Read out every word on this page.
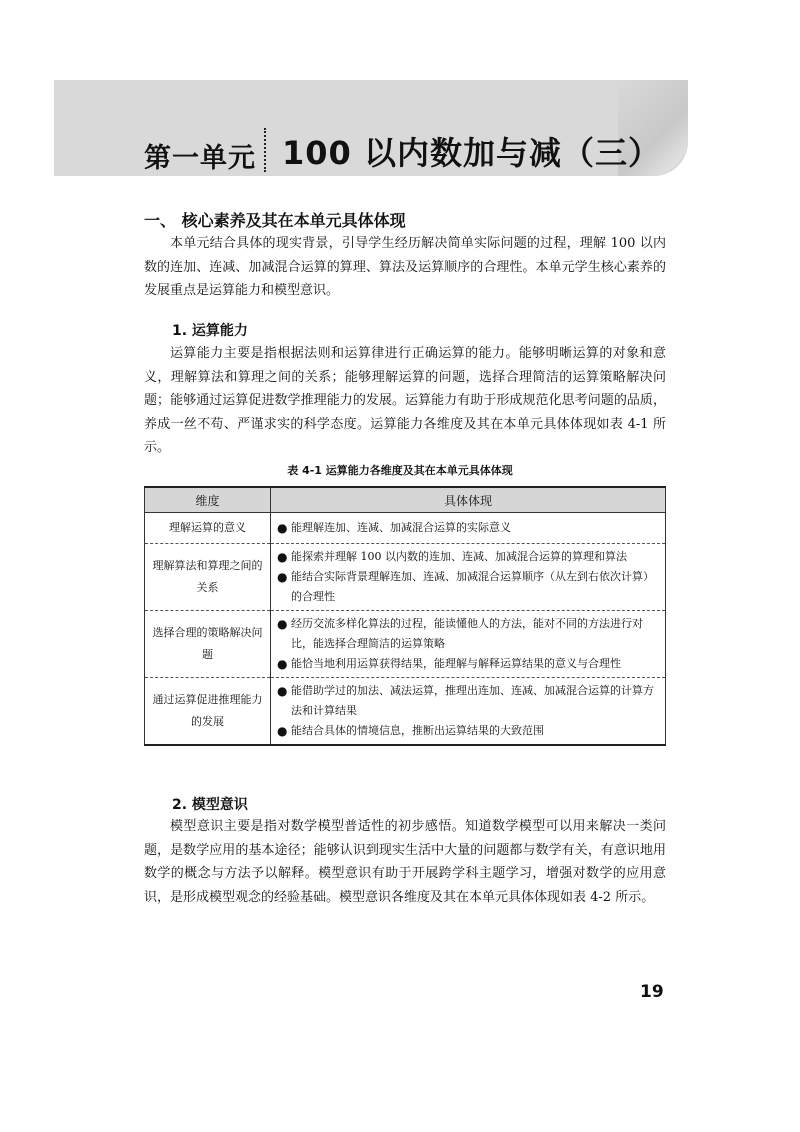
第一单元 100 以内数加与减（三）
一、 核心素养及其在本单元具体体现

本单元结合具体的现实背景，引导学生经历解决简单实际问题的过程，理解 100 以内数的连加、连减、加减混合运算的算理、算法及运算顺序的合理性。本单元学生核心素养的发展重点是运算能力和模型意识。

1. 运算能力

运算能力主要是指根据法则和运算律进行正确运算的能力。能够明晰运算的对象和意义，理解算法和算理之间的关系；能够理解运算的问题，选择合理简洁的运算策略解决问题；能够通过运算促进数学推理能力的发展。运算能力有助于形成规范化思考问题的品质，养成一丝不苟、严谨求实的科学态度。运算能力各维度及其在本单元具体体现如表 4-1 所示。

表 4-1 运算能力各维度及其在本单元具体体现
维度	具体体现
理解运算的意义	● 能理解连加、连减、加减混合运算的实际意义

理解算法和算理之间的关系	● 能探索并理解 100 以内数的连加、连减、加减混合运算的算理和算法
● 能结合实际背景理解连加、连减、加减混合运算顺序（从左到右依次计算）的合理性

选择合理的策略解决问题	● 经历交流多样化算法的过程，能读懂他人的方法，能对不同的方法进行对比，能选择合理简洁的运算策略
● 能恰当地利用运算获得结果，能理解与解释运算结果的意义与合理性

通过运算促进推理能力的发展	● 能借助学过的加法、减法运算，推理出连加、连减、加减混合运算的计算方法和计算结果
● 能结合具体的情境信息，推断出运算结果的大致范围
2. 模型意识

模型意识主要是指对数学模型普适性的初步感悟。知道数学模型可以用来解决一类问题，是数学应用的基本途径；能够认识到现实生活中大量的问题都与数学有关，有意识地用数学的概念与方法予以解释。模型意识有助于开展跨学科主题学习，增强对数学的应用意识，是形成模型观念的经验基础。模型意识各维度及其在本单元具体体现如表 4-2 所示。

19
